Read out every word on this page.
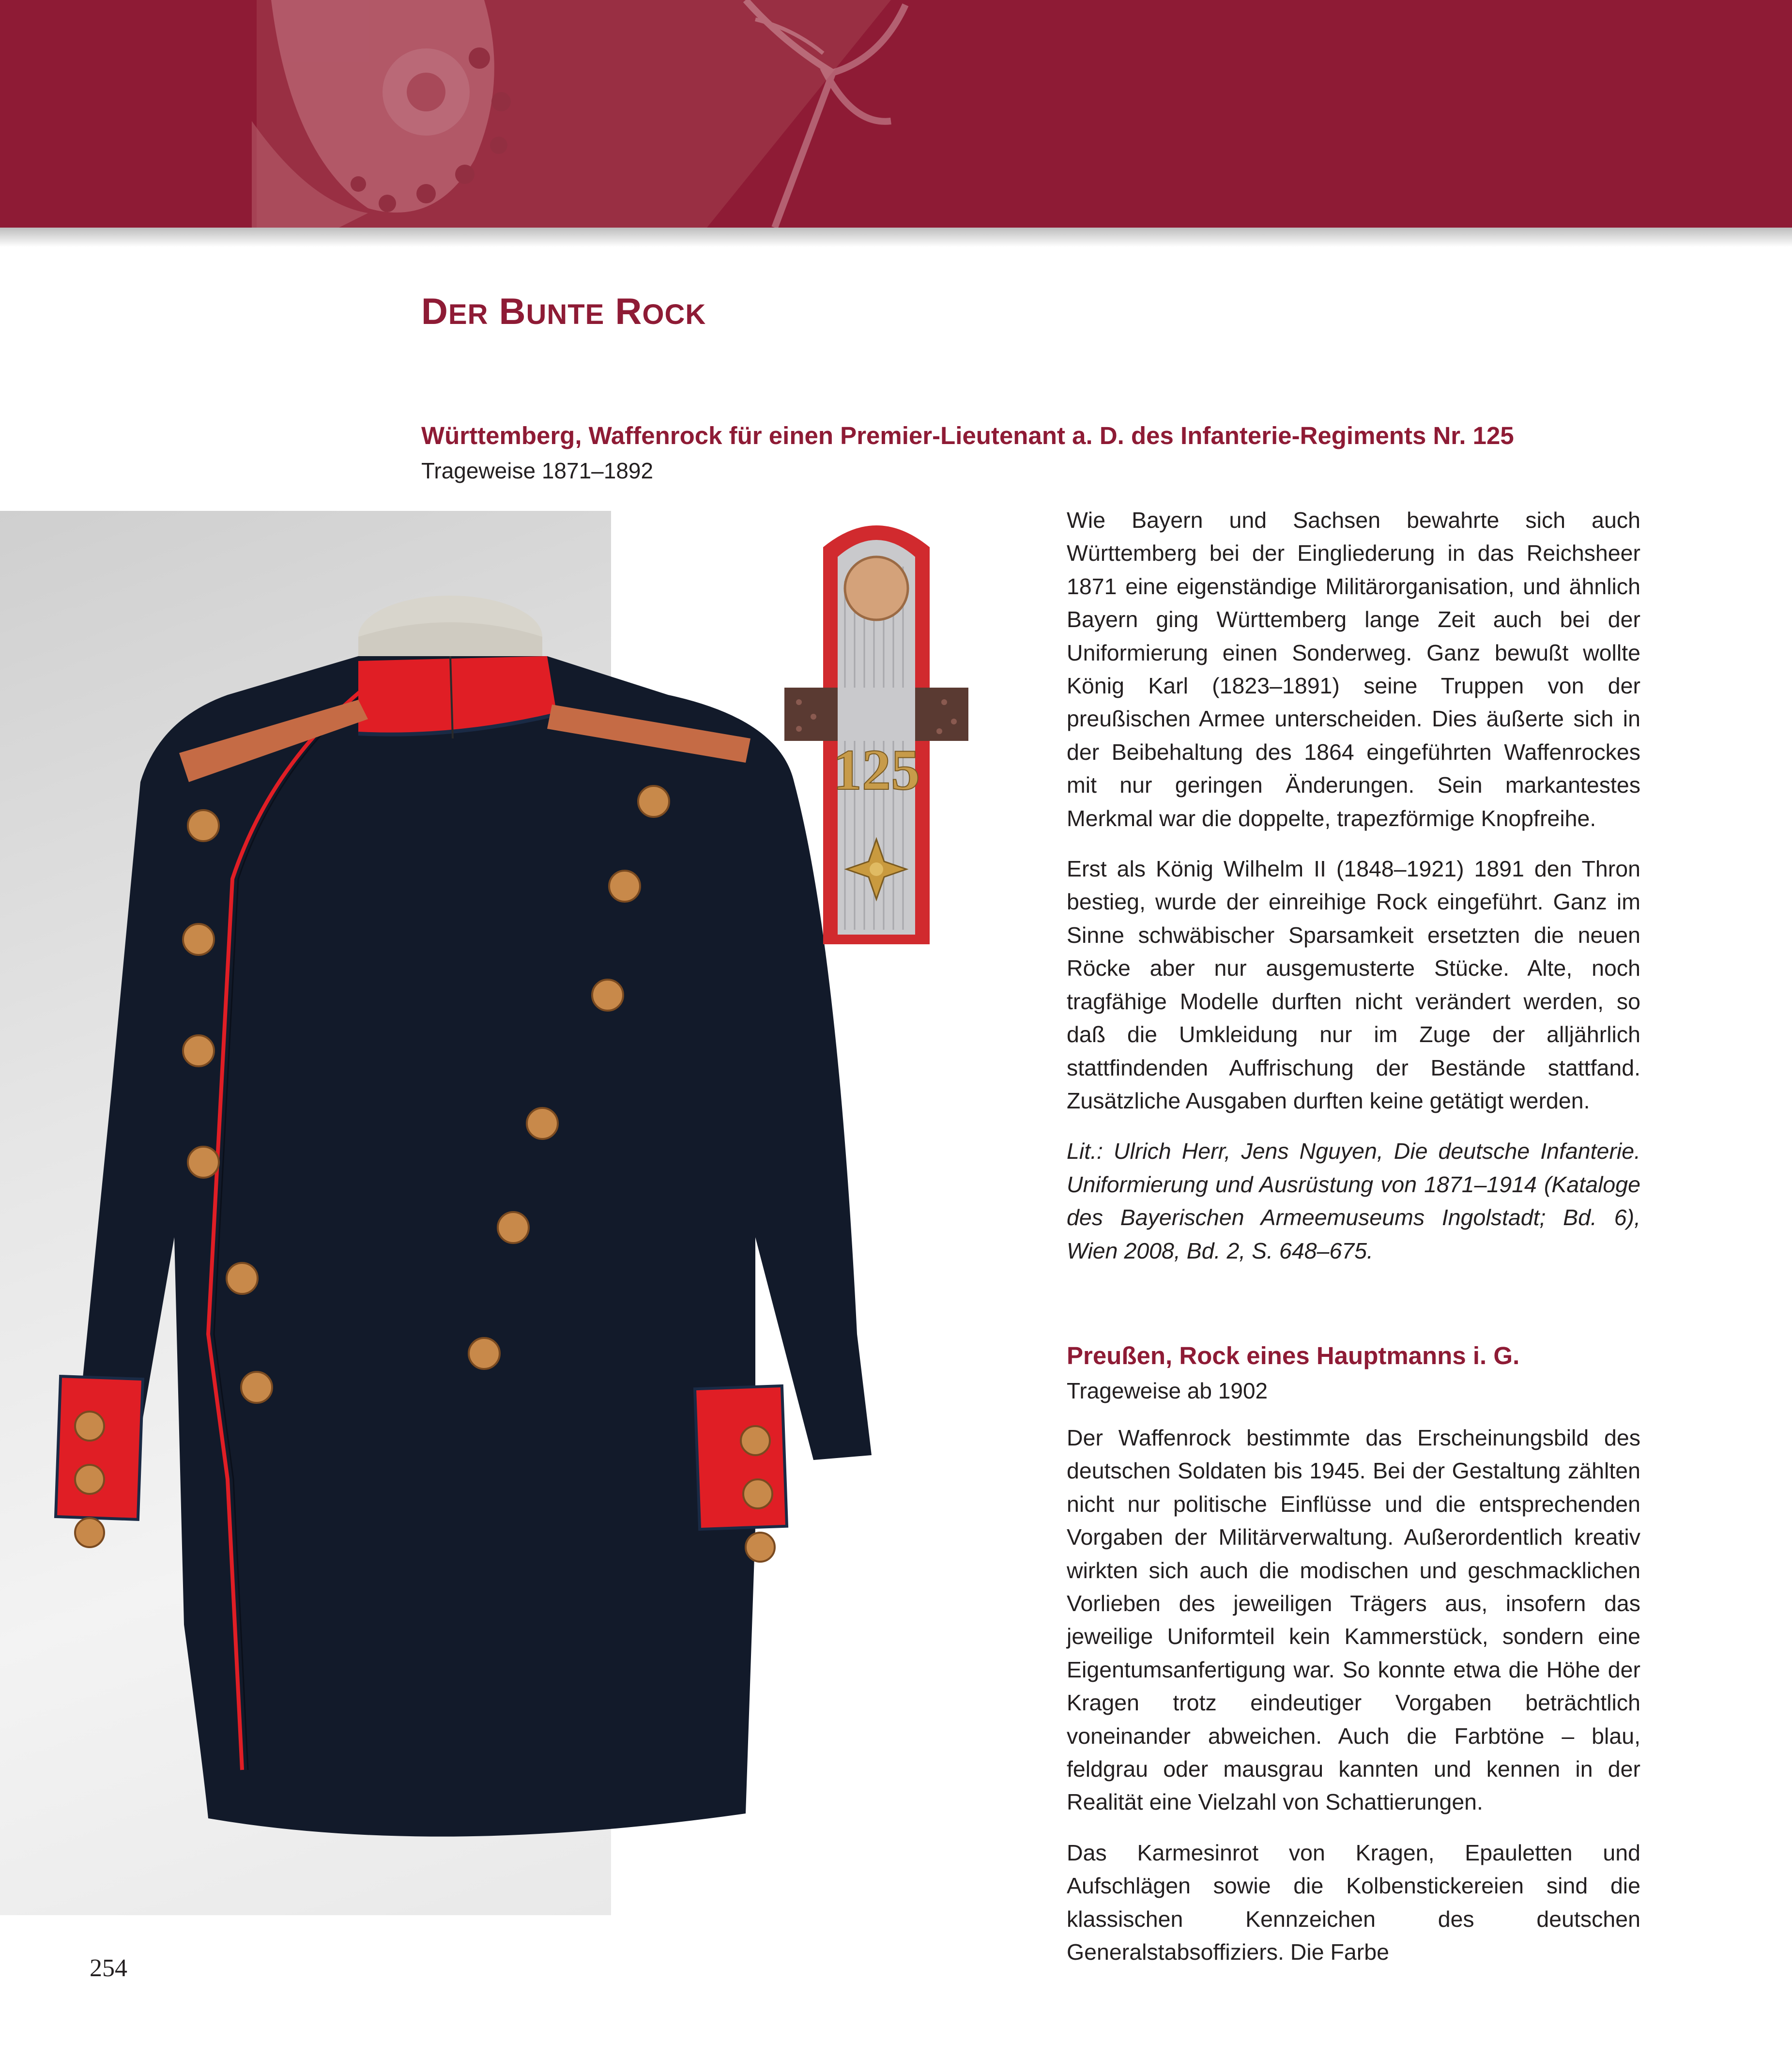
DER BUNTE ROCK
Württemberg, Waffenrock für einen Premier-Lieutenant a. D. des Infanterie-Regiments Nr. 125
Trageweise 1871–1892
125

Wie Bayern und Sachsen bewahrte sich auch Württemberg bei der Eingliederung in das Reichsheer 1871 eine eigenständige Militärorganisation, und ähnlich Bayern ging Württemberg lange Zeit auch bei der Uniformierung einen Sonderweg. Ganz bewußt wollte König Karl (1823–1891) seine Truppen von der preußischen Armee unterscheiden. Dies äußerte sich in der Beibehaltung des 1864 eingeführten Waffenrockes mit nur geringen Änderungen. Sein markantestes Merkmal war die doppelte, trapezförmige Knopfreihe.

Erst als König Wilhelm II (1848–1921) 1891 den Thron bestieg, wurde der einreihige Rock eingeführt. Ganz im Sinne schwäbischer Sparsamkeit ersetzten die neuen Röcke aber nur ausgemusterte Stücke. Alte, noch tragfähige Modelle durften nicht verändert werden, so daß die Umkleidung nur im Zuge der alljährlich stattfindenden Auffrischung der Bestände stattfand. Zusätzliche Ausgaben durften keine getätigt werden.

Lit.: Ulrich Herr, Jens Nguyen, Die deutsche Infanterie. Uniformierung und Ausrüstung von 1871–1914 (Kataloge des Bayerischen Armeemuseums Ingolstadt; Bd. 6), Wien 2008, Bd. 2, S. 648–675.

Preußen, Rock eines Hauptmanns i. G.
Trageweise ab 1902

Der Waffenrock bestimmte das Erscheinungsbild des deutschen Soldaten bis 1945. Bei der Gestaltung zählten nicht nur politische Einflüsse und die entsprechenden Vorgaben der Militärverwaltung. Außerordentlich kreativ wirkten sich auch die modischen und geschmacklichen Vorlieben des jeweiligen Trägers aus, insofern das jeweilige Uniformteil kein Kammerstück, sondern eine Eigentumsanfertigung war. So konnte etwa die Höhe der Kragen trotz eindeutiger Vorgaben beträchtlich voneinander abweichen. Auch die Farbtöne – blau, feldgrau oder mausgrau kannten und kennen in der Realität eine Vielzahl von Schattierungen.

Das Karmesinrot von Kragen, Epauletten und Aufschlägen sowie die Kolbenstickereien sind die klassischen Kennzeichen des deutschen Generalstabsoffiziers. Die Farbe

254
